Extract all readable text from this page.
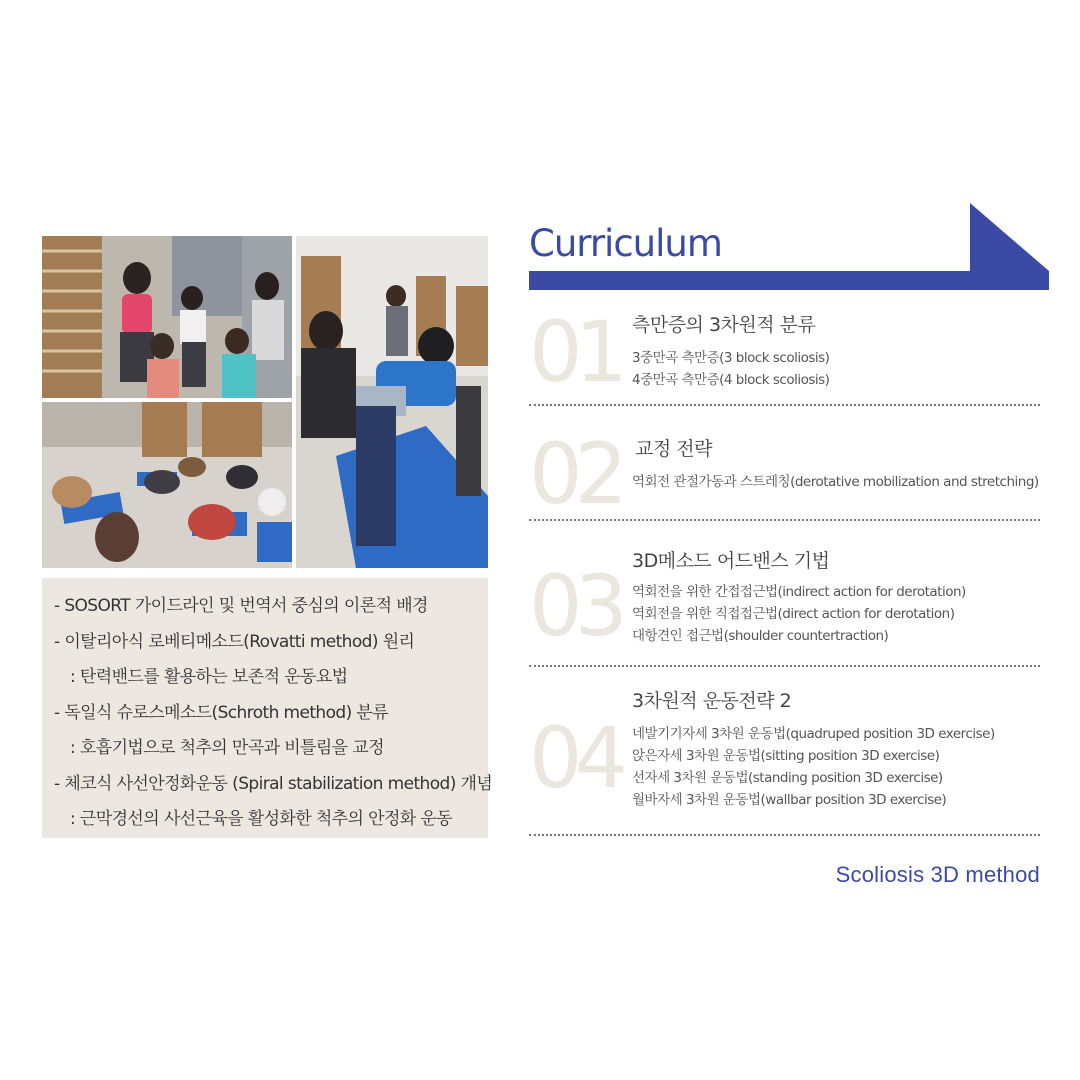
- SOSORT 가이드라인 및 번역서 중심의 이론적 배경
- 이탈리아식 로베티메소드(Rovatti method) 원리
: 탄력밴드를 활용하는 보존적 운동요법
- 독일식 슈로스메소드(Schroth method) 분류
: 호흡기법으로 척추의 만곡과 비틀림을 교정
- 체코식 사선안정화운동 (Spiral stabilization method) 개념
: 근막경선의 사선근육을 활성화한 척추의 안정화 운동
Curriculum
01 측만증의 3차원적 분류
3중만곡 측만증(3 block scoliosis)
4중만곡 측만증(4 block scoliosis)
02 교정 전략
역회전 관절가동과 스트레칭(derotative mobilization and stretching)
03 3D메소드 어드밴스 기법
역회전을 위한 간접접근법(indirect action for derotation)
역회전을 위한 직접접근법(direct action for derotation)
대항견인 접근법(shoulder countertraction)
04
3차원적 운동전략 2
네발기기자세 3차원 운동법(quadruped position 3D exercise)
앉은자세 3차원 운동법(sitting position 3D exercise)
선자세 3차원 운동법(standing position 3D exercise)
월바자세 3차원 운동법(wallbar position 3D exercise)
Scoliosis 3D method
